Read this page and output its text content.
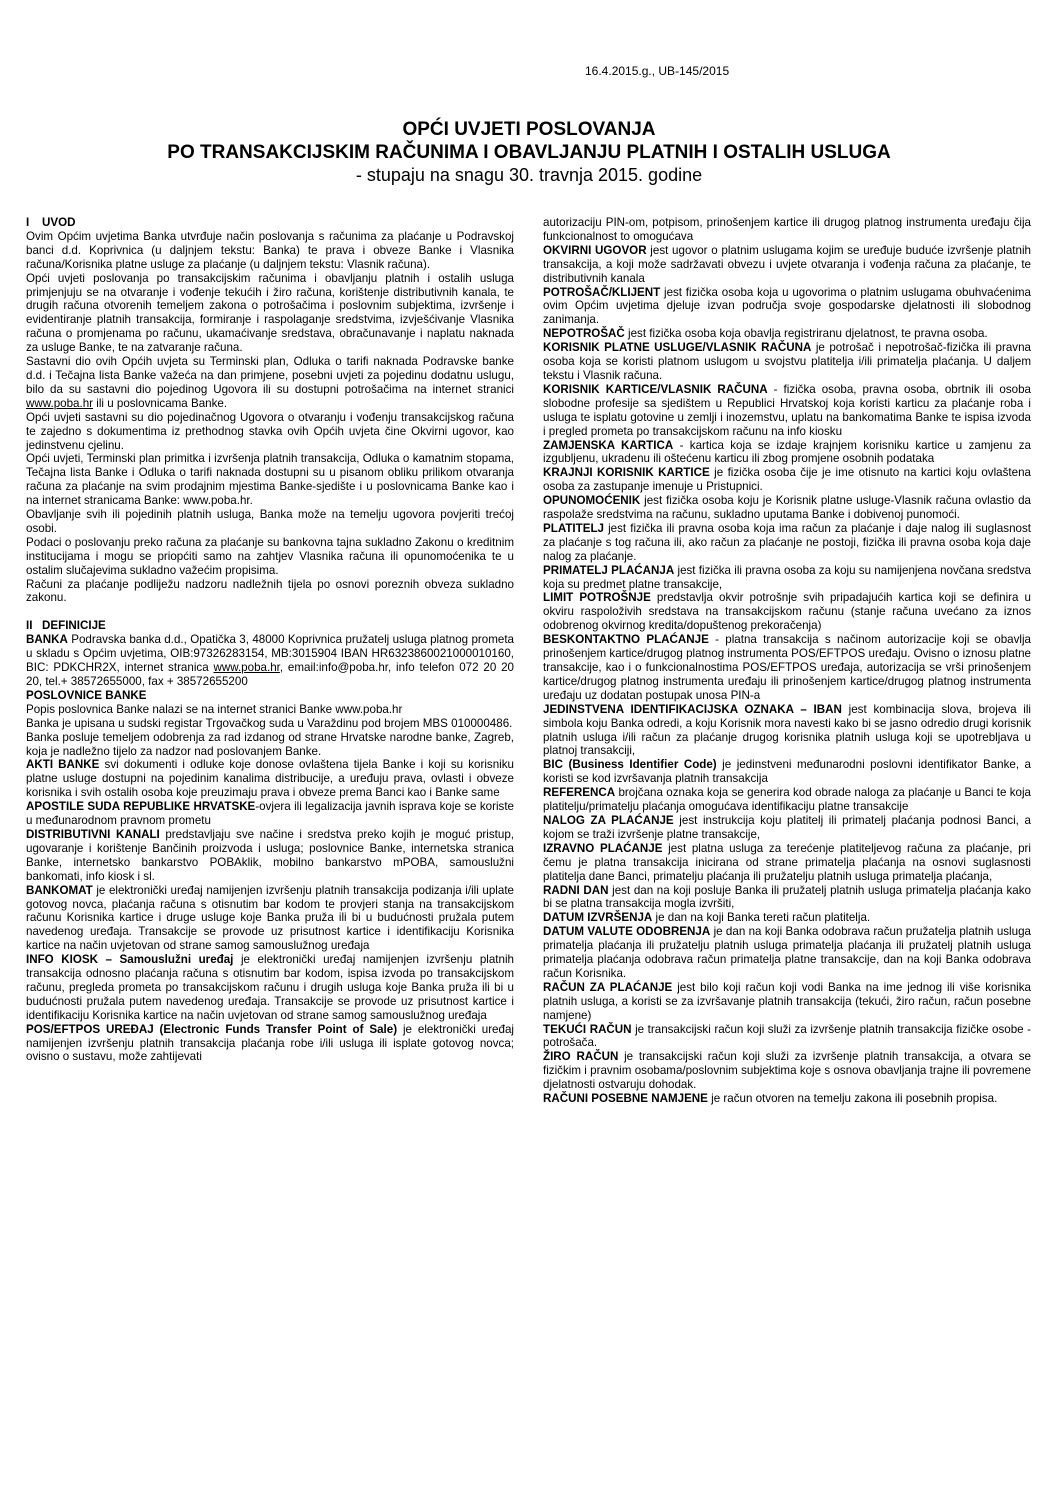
16.4.2015.g., UB-145/2015

OPĆI UVJETI POSLOVANJA

PO TRANSAKCIJSKIM RAČUNIMA I OBAVLJANJU PLATNIH I OSTALIH USLUGA

- stupaju na snagu 30. travnja 2015. godine

I UVOD

Ovim Općim uvjetima Banka utvrđuje način poslovanja s računima za plaćanje u Podravskoj banci d.d. Koprivnica (u daljnjem tekstu: Banka) te prava i obveze Banke i Vlasnika računa/Korisnika platne usluge za plaćanje (u daljnjem tekstu: Vlasnik računa).

Opći uvjeti poslovanja po transakcijskim računima i obavljanju platnih i ostalih usluga primjenjuju se na otvaranje i vođenje tekućih i žiro računa, korištenje distributivnih kanala, te drugih računa otvorenih temeljem zakona o potrošačima i poslovnim subjektima, izvršenje i evidentiranje platnih transakcija, formiranje i raspolaganje sredstvima, izvješćivanje Vlasnika računa o promjenama po računu, ukamaćivanje sredstava, obračunavanje i naplatu naknada za usluge Banke, te na zatvaranje računa.

Sastavni dio ovih Općih uvjeta su Terminski plan, Odluka o tarifi naknada Podravske banke d.d. i Tečajna lista Banke važeća na dan primjene, posebni uvjeti za pojedinu dodatnu uslugu, bilo da su sastavni dio pojedinog Ugovora ili su dostupni potrošačima na internet stranici www.poba.hr ili u poslovnicama Banke.

Opći uvjeti sastavni su dio pojedinačnog Ugovora o otvaranju i vođenju transakcijskog računa te zajedno s dokumentima iz prethodnog stavka ovih Općih uvjeta čine Okvirni ugovor, kao jedinstvenu cjelinu.

Opći uvjeti, Terminski plan primitka i izvršenja platnih transakcija, Odluka o kamatnim stopama, Tečajna lista Banke i Odluka o tarifi naknada dostupni su u pisanom obliku prilikom otvaranja računa za plaćanje na svim prodajnim mjestima Banke-sjedište i u poslovnicama Banke kao i na internet stranicama Banke: www.poba.hr.

Obavljanje svih ili pojedinih platnih usluga, Banka može na temelju ugovora povjeriti trećoj osobi.

Podaci o poslovanju preko računa za plaćanje su bankovna tajna sukladno Zakonu o kreditnim institucijama i mogu se priopćiti samo na zahtjev Vlasnika računa ili opunomoćenika te u ostalim slučajevima sukladno važećim propisima.

Računi za plaćanje podliježu nadzoru nadležnih tijela po osnovi poreznih obveza sukladno zakonu.

II DEFINICIJE

BANKA Podravska banka d.d., Opatička 3, 48000 Koprivnica pružatelj usluga platnog prometa u skladu s Općim uvjetima, OIB:97326283154, MB:3015904 IBAN HR6323860021000010160, BIC: PDKCHR2X, internet stranica www.poba.hr, email:info@poba.hr, info telefon 072 20 20 20, tel.+ 38572655000, fax + 38572655200

POSLOVNICE BANKE

Popis poslovnica Banke nalazi se na internet stranici Banke www.poba.hr

Banka je upisana u sudski registar Trgovačkog suda u Varaždinu pod brojem MBS 010000486.

Banka posluje temeljem odobrenja za rad izdanog od strane Hrvatske narodne banke, Zagreb, koja je nadležno tijelo za nadzor nad poslovanjem Banke.

AKTI BANKE svi dokumenti i odluke koje donose ovlaštena tijela Banke i koji su korisniku platne usluge dostupni na pojedinim kanalima distribucije, a uređuju prava, ovlasti i obveze korisnika i svih ostalih osoba koje preuzimaju prava i obveze prema Banci kao i Banke same

APOSTILE SUDA REPUBLIKE HRVATSKE-ovjera ili legalizacija javnih isprava koje se koriste u međunarodnom pravnom prometu

DISTRIBUTIVNI KANALI predstavljaju sve načine i sredstva preko kojih je moguć pristup, ugovaranje i korištenje Bančinih proizvoda i usluga; poslovnice Banke, internetska stranica Banke, internetsko bankarstvo POBAklik, mobilno bankarstvo mPOBA, samouslužni bankomati, info kiosk i sl.

BANKOMAT je elektronički uređaj namijenjen izvršenju platnih transakcija podizanja i/ili uplate gotovog novca, plaćanja računa s otisnutim bar kodom te provjeri stanja na transakcijskom računu Korisnika kartice i druge usluge koje Banka pruža ili bi u budućnosti pružala putem navedenog uređaja. Transakcije se provode uz prisutnost kartice i identifikaciju Korisnika kartice na način uvjetovan od strane samog samouslužnog uređaja

INFO KIOSK – Samouslužni uređaj je elektronički uređaj namijenjen izvršenju platnih transakcija odnosno plaćanja računa s otisnutim bar kodom, ispisa izvoda po transakcijskom računu, pregleda prometa po transakcijskom računu i drugih usluga koje Banka pruža ili bi u budućnosti pružala putem navedenog uređaja. Transakcije se provode uz prisutnost kartice i identifikaciju Korisnika kartice na način uvjetovan od strane samog samouslužnog uređaja

POS/EFTPOS UREĐAJ (Electronic Funds Transfer Point of Sale) je elektronički uređaj namijenjen izvršenju platnih transakcija plaćanja robe i/ili usluga ili isplate gotovog novca; ovisno o sustavu, može zahtijevati

autorizaciju PIN-om, potpisom, prinošenjem kartice ili drugog platnog instrumenta uređaju čija funkcionalnost to omogućava

OKVIRNI UGOVOR jest ugovor o platnim uslugama kojim se uređuje buduće izvršenje platnih transakcija, a koji može sadržavati obvezu i uvjete otvaranja i vođenja računa za plaćanje, te distributivnih kanala

POTROŠAČ/KLIJENT jest fizička osoba koja u ugovorima o platnim uslugama obuhvaćenima ovim Općim uvjetima djeluje izvan područja svoje gospodarske djelatnosti ili slobodnog zanimanja.

NEPOTROŠAČ jest fizička osoba koja obavlja registriranu djelatnost, te pravna osoba.

KORISNIK PLATNE USLUGE/VLASNIK RAČUNA je potrošač i nepotrošač-fizička ili pravna osoba koja se koristi platnom uslugom u svojstvu platitelja i/ili primatelja plaćanja. U daljem tekstu i Vlasnik računa.

KORISNIK KARTICE/VLASNIK RAČUNA - fizička osoba, pravna osoba, obrtnik ili osoba slobodne profesije sa sjedištem u Republici Hrvatskoj koja koristi karticu za plaćanje roba i usluga te isplatu gotovine u zemlji i inozemstvu, uplatu na bankomatima Banke te ispisa izvoda i pregled prometa po transakcijskom računu na info kiosku

ZAMJENSKA KARTICA - kartica koja se izdaje krajnjem korisniku kartice u zamjenu za izgubljenu, ukradenu ili oštećenu karticu ili zbog promjene osobnih podataka

KRAJNJI KORISNIK KARTICE je fizička osoba čije je ime otisnuto na kartici koju ovlaštena osoba za zastupanje imenuje u Pristupnici.

OPUNOMOĆENIK jest fizička osoba koju je Korisnik platne usluge-Vlasnik računa ovlastio da raspolaže sredstvima na računu, sukladno uputama Banke i dobivenoj punomoći.

PLATITELJ jest fizička ili pravna osoba koja ima račun za plaćanje i daje nalog ili suglasnost za plaćanje s tog računa ili, ako račun za plaćanje ne postoji, fizička ili pravna osoba koja daje nalog za plaćanje.

PRIMATELJ PLAĆANJA jest fizička ili pravna osoba za koju su namijenjena novčana sredstva koja su predmet platne transakcije,

LIMIT POTROŠNJE predstavlja okvir potrošnje svih pripadajućih kartica koji se definira u okviru raspoloživih sredstava na transakcijskom računu (stanje računa uvećano za iznos odobrenog okvirnog kredita/dopuštenog prekoračenja)

BESKONTAKTNO PLAĆANJE - platna transakcija s načinom autorizacije koji se obavlja prinošenjem kartice/drugog platnog instrumenta POS/EFTPOS uređaju. Ovisno o iznosu platne transakcije, kao i o funkcionalnostima POS/EFTPOS uređaja, autorizacija se vrši prinošenjem kartice/drugog platnog instrumenta uređaju ili prinošenjem kartice/drugog platnog instrumenta uređaju uz dodatan postupak unosa PIN-a

JEDINSTVENA IDENTIFIKACIJSKA OZNAKA – IBAN jest kombinacija slova, brojeva ili simbola koju Banka odredi, a koju Korisnik mora navesti kako bi se jasno odredio drugi korisnik platnih usluga i/ili račun za plaćanje drugog korisnika platnih usluga koji se upotrebljava u platnoj transakciji,

BIC (Business Identifier Code) je jedinstveni međunarodni poslovni identifikator Banke, a koristi se kod izvršavanja platnih transakcija

REFERENCA brojčana oznaka koja se generira kod obrade naloga za plaćanje u Banci te koja platitelju/primatelju plaćanja omogućava identifikaciju platne transakcije

NALOG ZA PLAĆANJE jest instrukcija koju platitelj ili primatelj plaćanja podnosi Banci, a kojom se traži izvršenje platne transakcije,

IZRAVNO PLAĆANJE jest platna usluga za terećenje platiteljevog računa za plaćanje, pri čemu je platna transakcija inicirana od strane primatelja plaćanja na osnovi suglasnosti platitelja dane Banci, primatelju plaćanja ili pružatelju platnih usluga primatelja plaćanja,

RADNI DAN jest dan na koji posluje Banka ili pružatelj platnih usluga primatelja plaćanja kako bi se platna transakcija mogla izvršiti,

DATUM IZVRŠENJA je dan na koji Banka tereti račun platitelja.

DATUM VALUTE ODOBRENJA je dan na koji Banka odobrava račun pružatelja platnih usluga primatelja plaćanja ili pružatelju platnih usluga primatelja plaćanja ili pružatelj platnih usluga primatelja plaćanja odobrava račun primatelja platne transakcije, dan na koji Banka odobrava račun Korisnika.

RAČUN ZA PLAĆANJE jest bilo koji račun koji vodi Banka na ime jednog ili više korisnika platnih usluga, a koristi se za izvršavanje platnih transakcija (tekući, žiro račun, račun posebne namjene)

TEKUĆI RAČUN je transakcijski račun koji služi za izvršenje platnih transakcija fizičke osobe - potrošača.

ŽIRO RAČUN je transakcijski račun koji služi za izvršenje platnih transakcija, a otvara se fizičkim i pravnim osobama/poslovnim subjektima koje s osnova obavljanja trajne ili povremene djelatnosti ostvaruju dohodak.

RAČUNI POSEBNE NAMJENE je račun otvoren na temelju zakona ili posebnih propisa.
